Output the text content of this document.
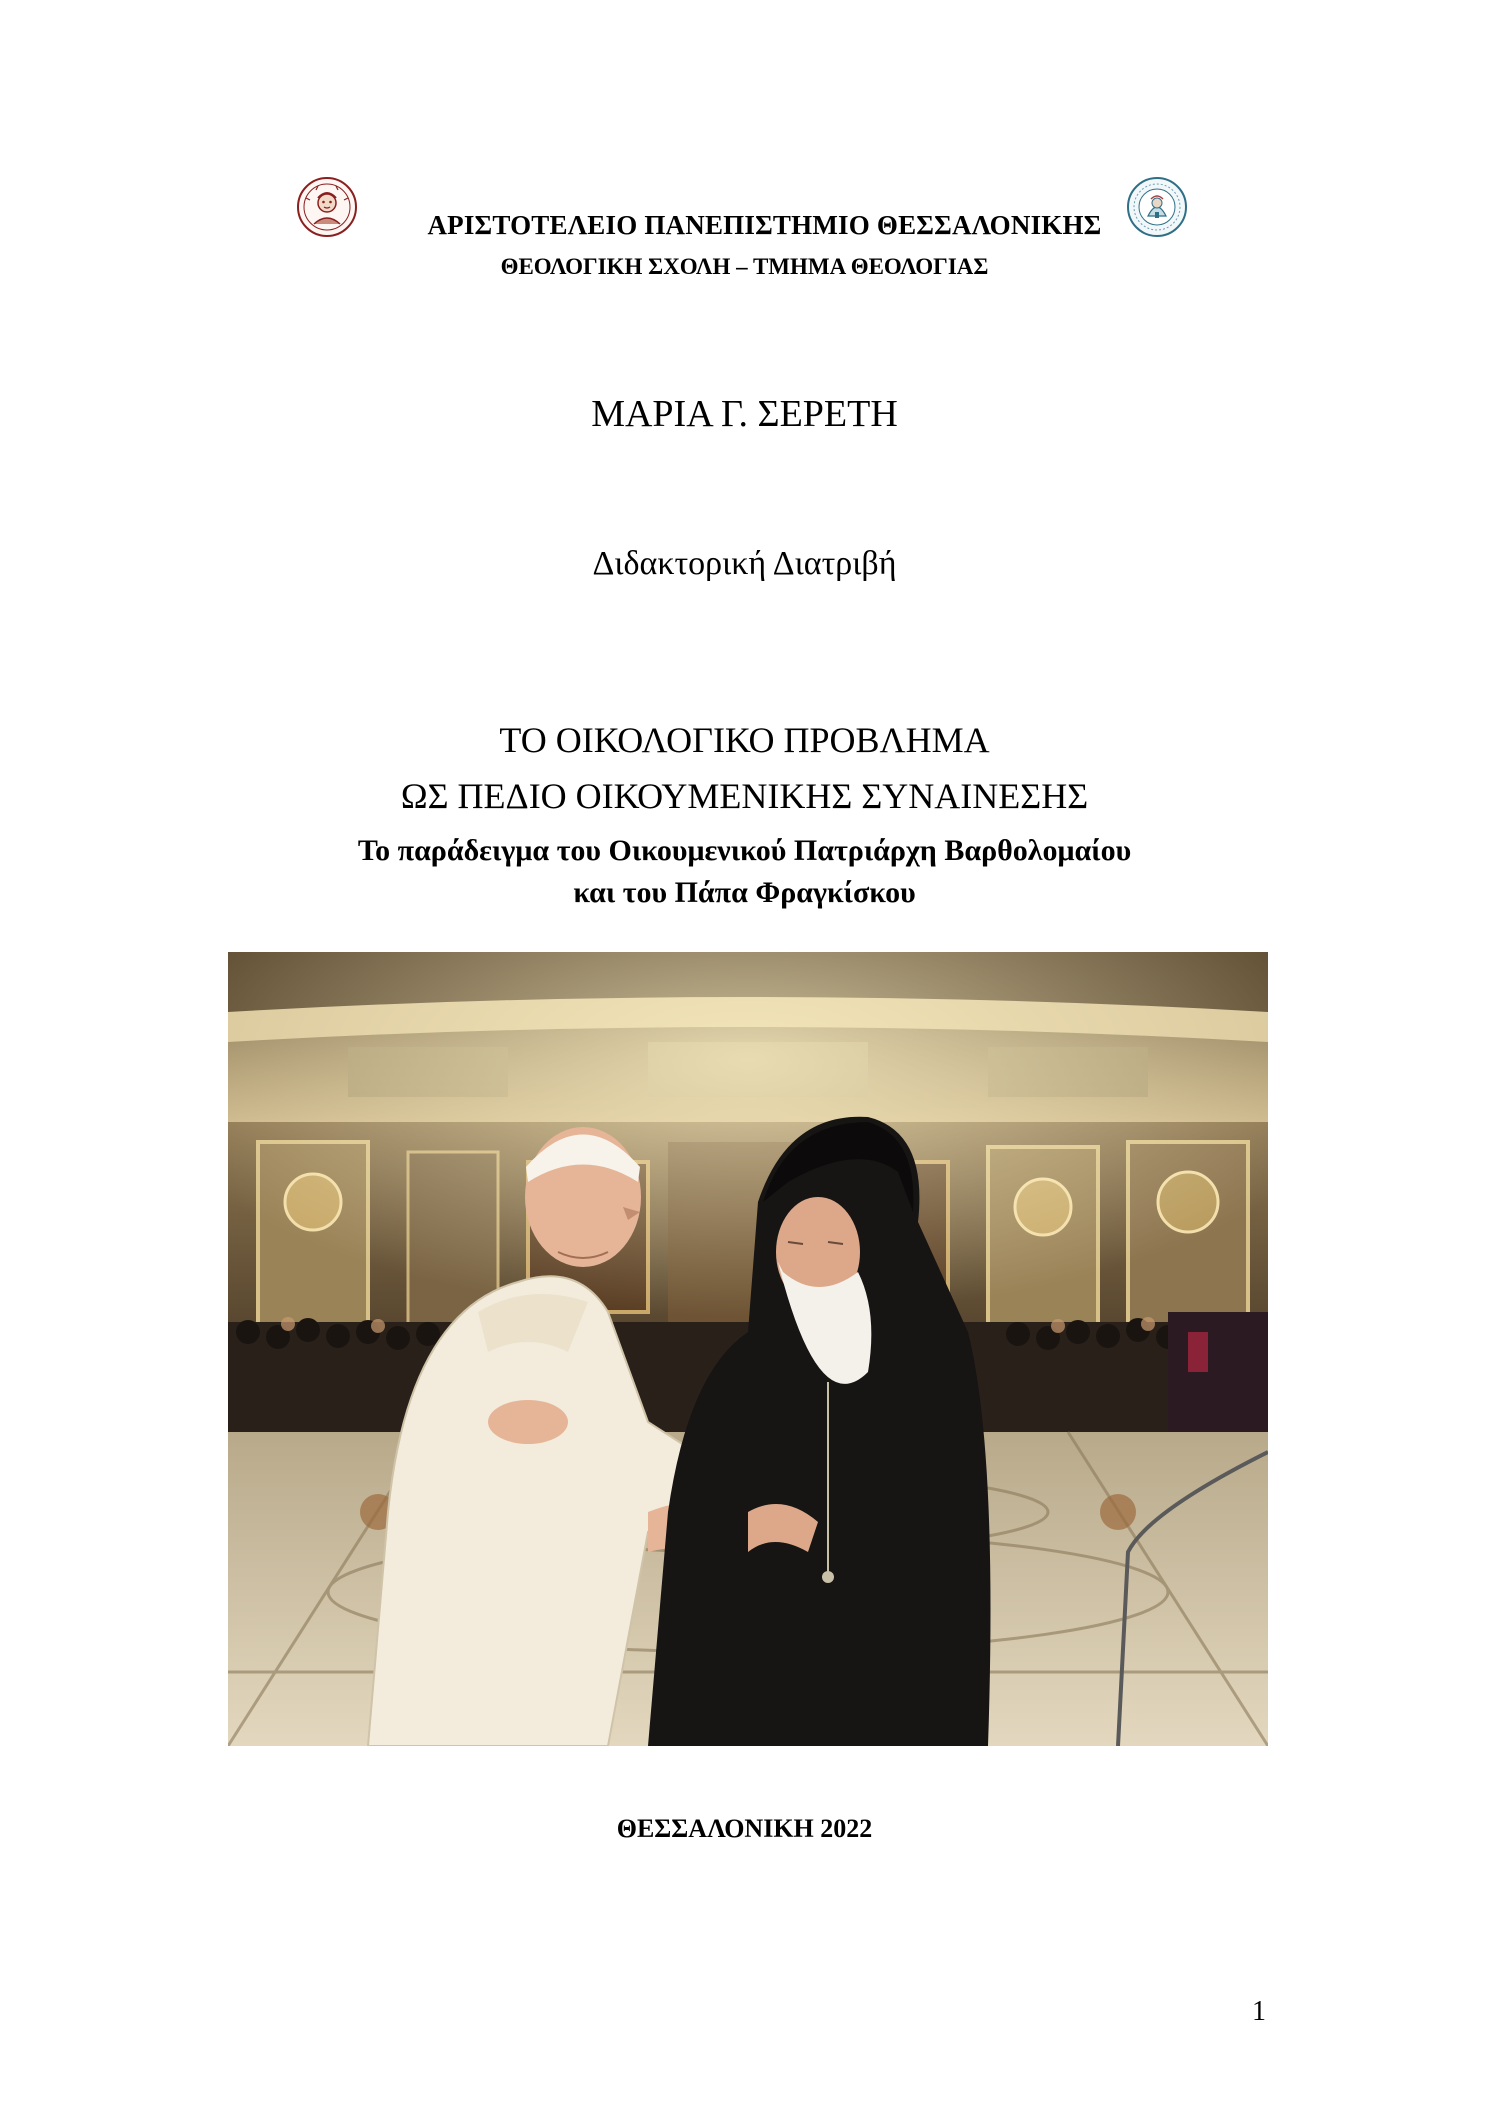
ΑΡΙΣΤΟΤΕΛΕΙΟ ΠΑΝΕΠΙΣΤΗΜΙΟ ΘΕΣΣΑΛΟΝΙΚΗΣ
ΘΕΟΛΟΓΙΚΗ ΣΧΟΛΗ – ΤΜΗΜΑ ΘΕΟΛΟΓΙΑΣ
ΜΑΡΙΑ Γ. ΣΕΡΕΤΗ
Διδακτορική Διατριβή
ΤΟ ΟΙΚΟΛΟΓΙΚΟ ΠΡΟΒΛΗΜΑ
ΩΣ ΠΕΔΙΟ ΟΙΚΟΥΜΕΝΙΚΗΣ ΣΥΝΑΙΝΕΣΗΣ
Το παράδειγμα του Οικουμενικού Πατριάρχη Βαρθολομαίου
και του Πάπα Φραγκίσκου
ΘΕΣΣΑΛΟΝΙΚΗ 2022
1
